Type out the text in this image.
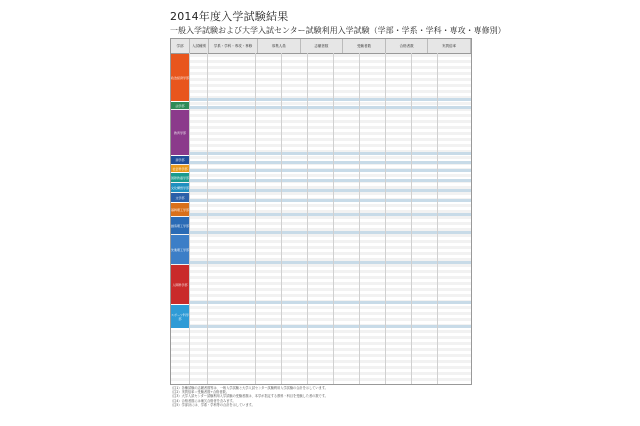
2014年度入学試験結果
一般入学試験および大学入試センター試験利用入学試験（学部・学系・学科・専攻・専修別）
学部	入試種別	学系・学科・専攻・専修	募集人員	志願者数	受験者数	合格者数	実質倍率
政治経済学部
法学部
教育学部
商学部
社会科学部
国際教養学部
文化構想学部
文学部
基幹理工学部
創造理工学部
先進理工学部
人間科学部
スポーツ科学部
（注1）各種試験の志願者数等は、一般入学試験と大学入試センター試験利用入学試験の合計を示しています。
（注2）実質倍率＝受験者数÷合格者数。
（注3）大学入試センター試験利用入学試験の受験者数は、本学が指定する教科・科目を受験した者の数です。
（注4）合格者数には補欠合格者を含みます。
（注5）学部計には、学系・学科等の合計を示しています。
